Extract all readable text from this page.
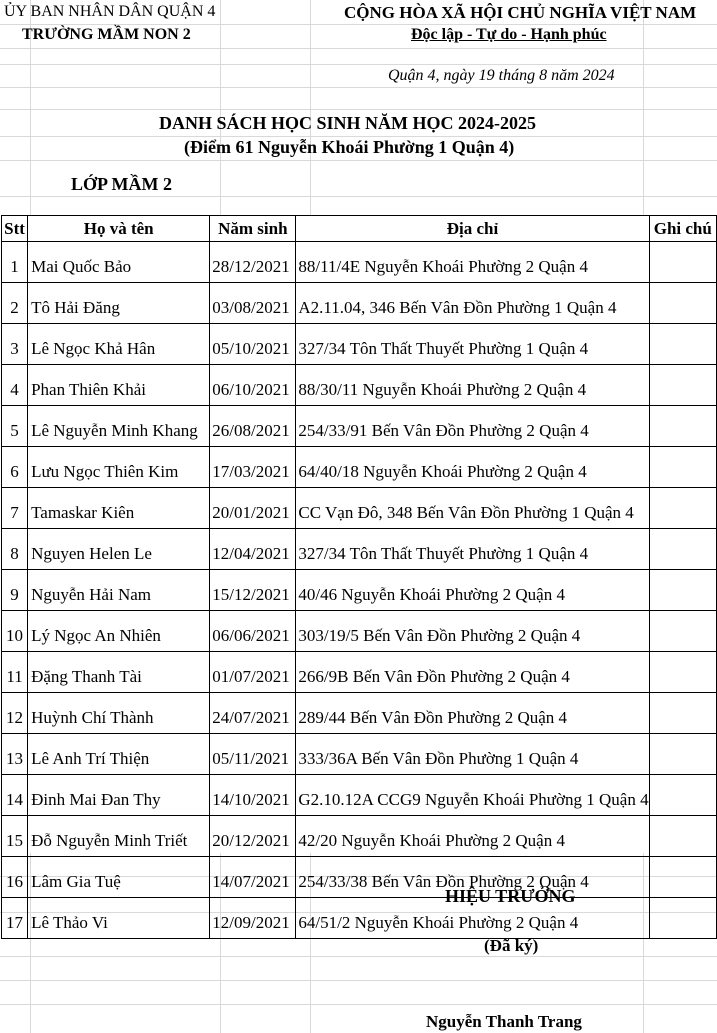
ỦY BAN NHÂN DÂN QUẬN 4
TRƯỜNG MẦM NON 2
CỘNG HÒA XÃ HỘI CHỦ NGHĨA VIỆT NAM
Độc lập - Tự do - Hạnh phúc
Quận 4, ngày 19 tháng 8 năm 2024
DANH SÁCH HỌC SINH NĂM HỌC 2024-2025
(Điểm 61 Nguyễn Khoái Phường 1 Quận 4)
LỚP MẦM 2
Stt	Họ và tên	Năm sinh	Địa chỉ	Ghi chú
1	Mai Quốc Bảo	28/12/2021	88/11/4E Nguyễn Khoái Phường 2 Quận 4	
2	Tô Hải Đăng	03/08/2021	A2.11.04, 346 Bến Vân Đồn Phường 1 Quận 4	
3	Lê Ngọc Khả Hân	05/10/2021	327/34 Tôn Thất Thuyết Phường 1 Quận 4	
4	Phan Thiên Khải	06/10/2021	88/30/11 Nguyễn Khoái Phường 2 Quận 4	
5	Lê Nguyễn Minh Khang	26/08/2021	254/33/91 Bến Vân Đồn Phường 2 Quận 4	
6	Lưu Ngọc Thiên Kim	17/03/2021	64/40/18 Nguyễn Khoái Phường 2 Quận 4	
7	Tamaskar Kiên	20/01/2021	CC Vạn Đô, 348 Bến Vân Đồn Phường 1 Quận 4	
8	Nguyen Helen Le	12/04/2021	327/34 Tôn Thất Thuyết Phường 1 Quận 4	
9	Nguyễn Hải Nam	15/12/2021	40/46 Nguyễn Khoái Phường 2 Quận 4	
10	Lý Ngọc An Nhiên	06/06/2021	303/19/5 Bến Vân Đồn Phường 2 Quận 4	
11	Đặng Thanh Tài	01/07/2021	266/9B Bến Vân Đồn Phường 2 Quận 4	
12	Huỳnh Chí Thành	24/07/2021	289/44 Bến Vân Đồn Phường 2 Quận 4	
13	Lê Anh Trí Thiện	05/11/2021	333/36A Bến Vân Đồn Phường 1 Quận 4	
14	Đinh Mai Đan Thy	14/10/2021	G2.10.12A CCG9 Nguyễn Khoái Phường 1 Quận 4	
15	Đỗ Nguyễn Minh Triết	20/12/2021	42/20 Nguyễn Khoái Phường 2 Quận 4	
16	Lâm Gia Tuệ	14/07/2021	254/33/38 Bến Vân Đồn Phường 2 Quận 4	
17	Lê Thảo Vi	12/09/2021	64/51/2 Nguyễn Khoái Phường 2 Quận 4	
HIỆU TRƯỞNG
(Đã ký)
Nguyễn Thanh Trang
